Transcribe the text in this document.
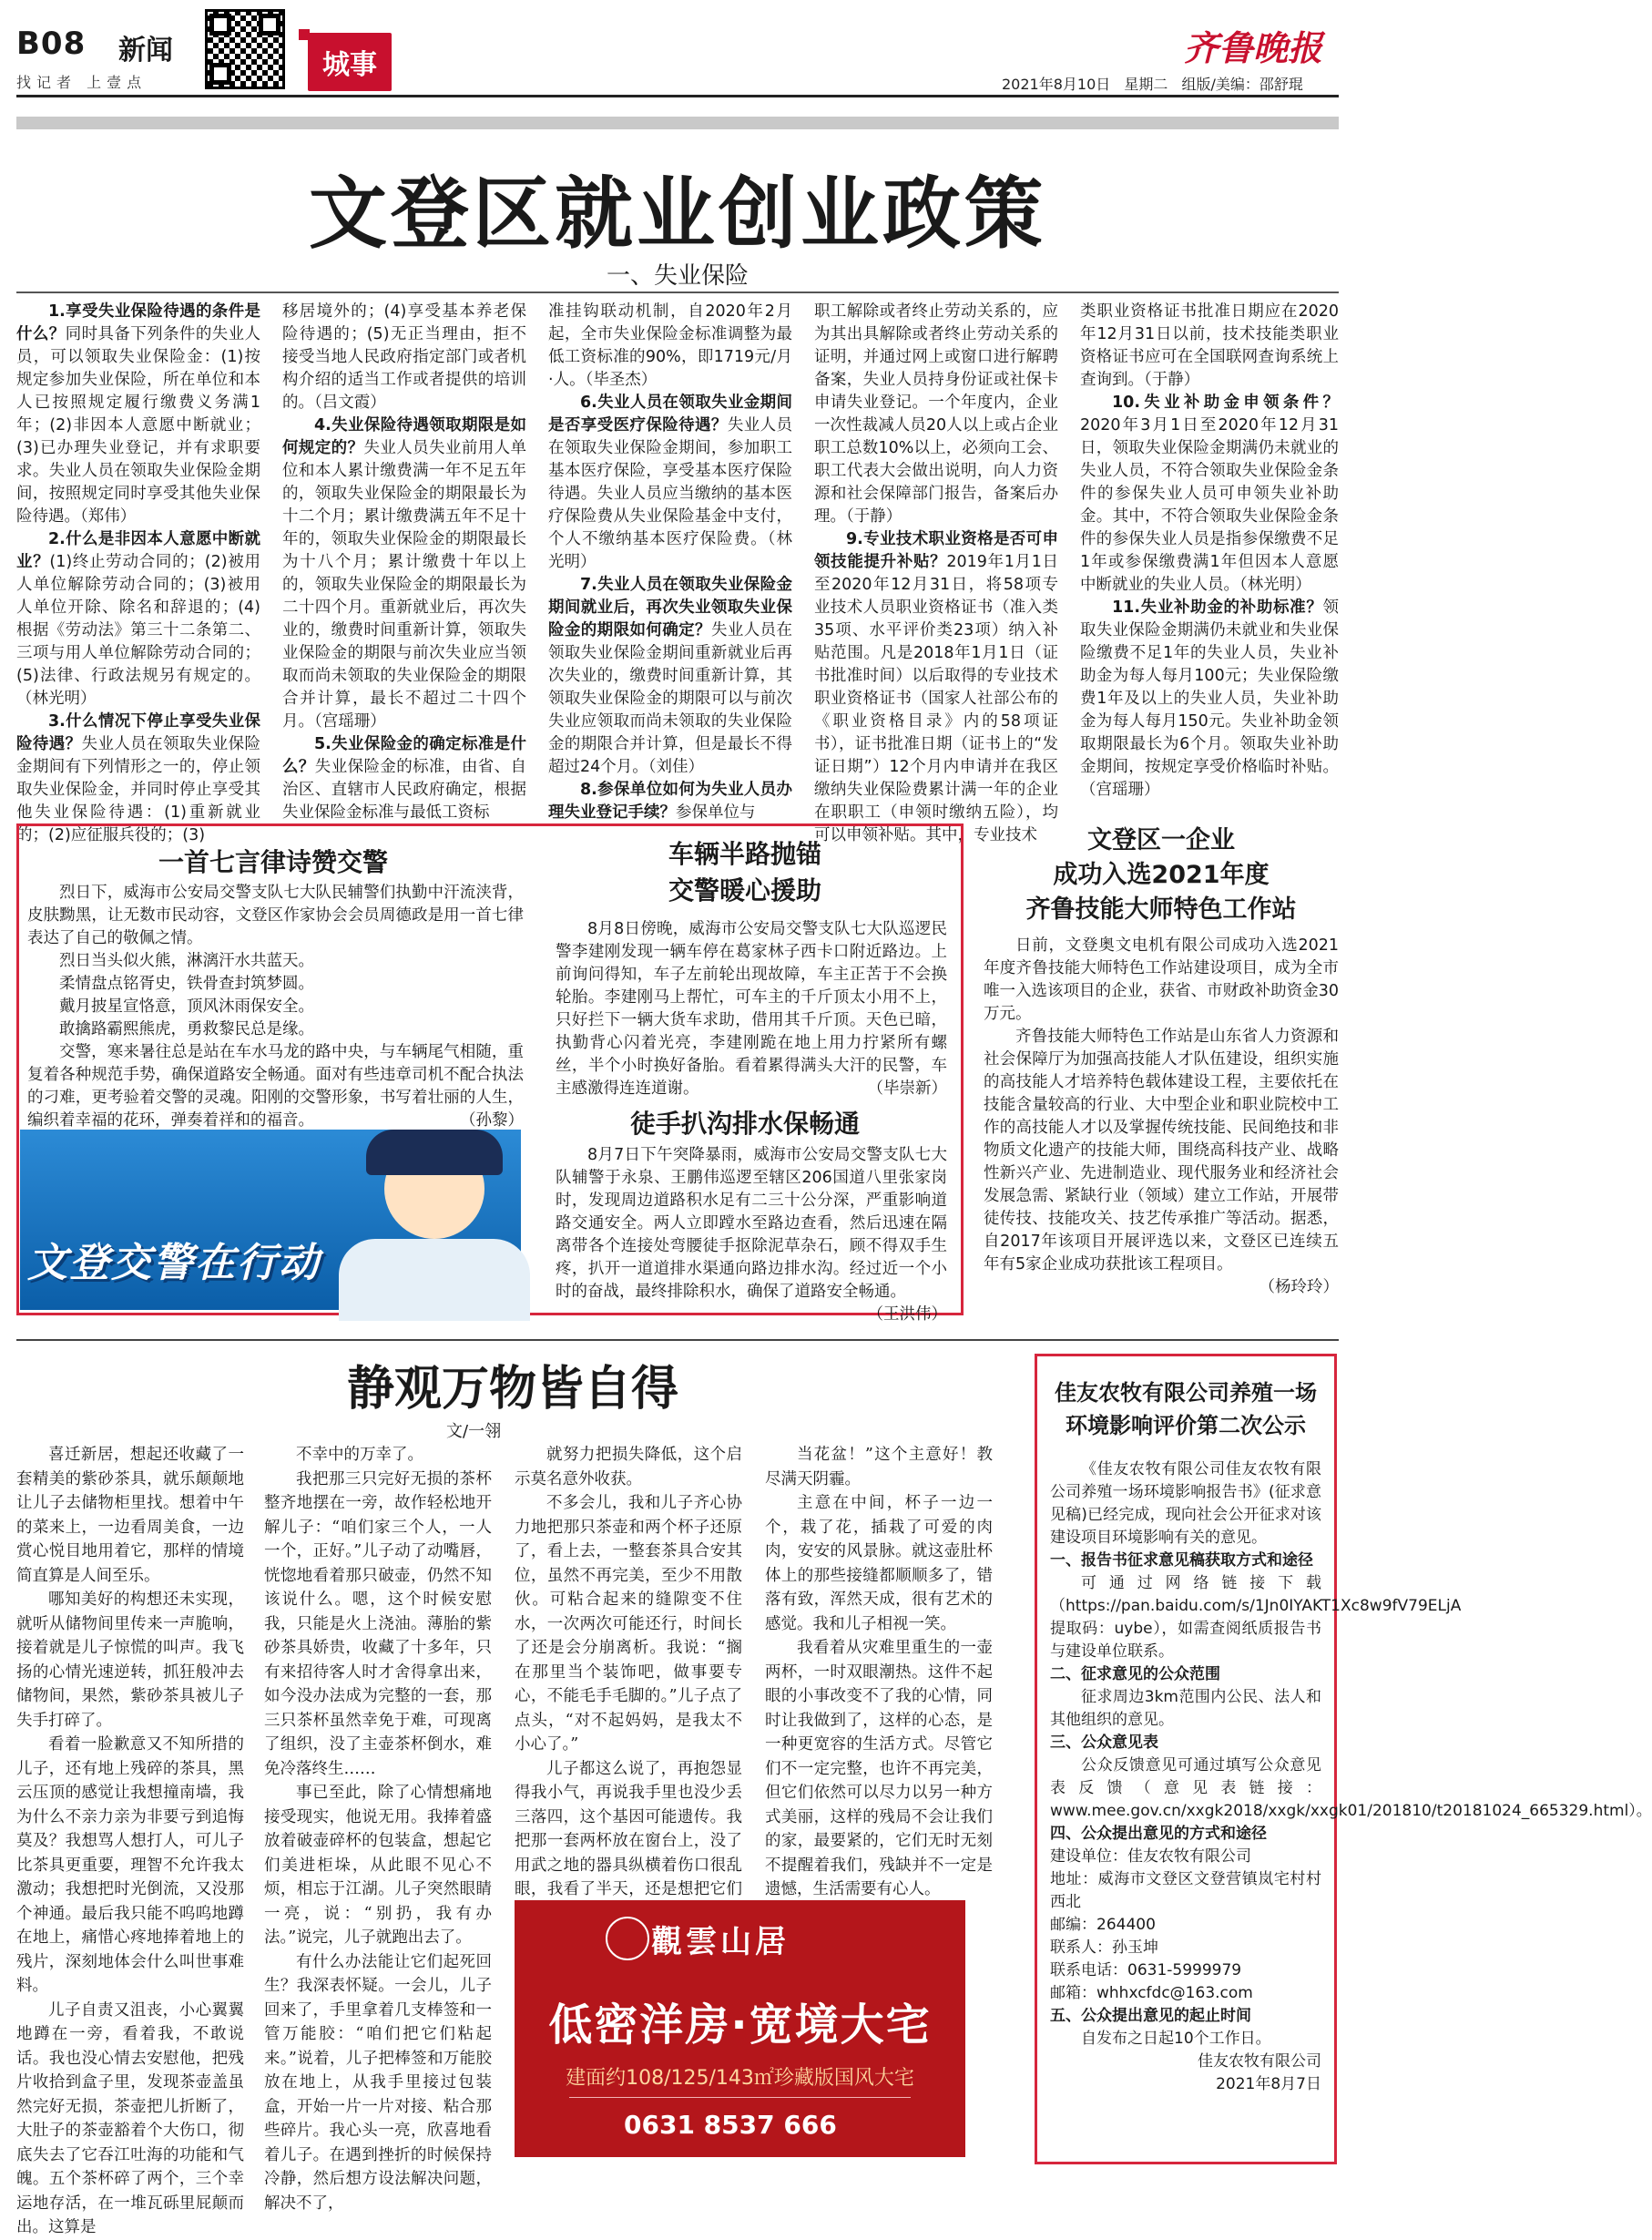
B08 新闻
找记者 上壹点
城事	齐鲁晚报
2021年8月10日 星期二 组版/美编：邵舒琨
文登区就业创业政策
一、失业保险
1.享受失业保险待遇的条件是什么？同时具备下列条件的失业人员，可以领取失业保险金：(1)按规定参加失业保险，所在单位和本人已按照规定履行缴费义务满1年；(2)非因本人意愿中断就业；(3)已办理失业登记，并有求职要求。失业人员在领取失业保险金期间，按照规定同时享受其他失业保险待遇。（郑伟）
2.什么是非因本人意愿中断就业？(1)终止劳动合同的；(2)被用人单位解除劳动合同的；(3)被用人单位开除、除名和辞退的；(4)根据《劳动法》第三十二条第二、三项与用人单位解除劳动合同的；(5)法律、行政法规另有规定的。（林光明）
3.什么情况下停止享受失业保险待遇？失业人员在领取失业保险金期间有下列情形之一的，停止领取失业保险金，并同时停止享受其他失业保险待遇：(1)重新就业的；(2)应征服兵役的；(3)
移居境外的；(4)享受基本养老保险待遇的；(5)无正当理由，拒不接受当地人民政府指定部门或者机构介绍的适当工作或者提供的培训的。（吕文霞）
4.失业保险待遇领取期限是如何规定的？失业人员失业前用人单位和本人累计缴费满一年不足五年的，领取失业保险金的期限最长为十二个月；累计缴费满五年不足十年的，领取失业保险金的期限最长为十八个月；累计缴费十年以上的，领取失业保险金的期限最长为二十四个月。重新就业后，再次失业的，缴费时间重新计算，领取失业保险金的期限与前次失业应当领取而尚未领取的失业保险金的期限合并计算，最长不超过二十四个月。（宫瑶珊）
5.失业保险金的确定标准是什么？失业保险金的标准，由省、自治区、直辖市人民政府确定，根据失业保险金标准与最低工资标
准挂钩联动机制，自2020年2月起，全市失业保险金标准调整为最低工资标准的90%，即1719元/月·人。（毕圣杰）
6.失业人员在领取失业金期间是否享受医疗保险待遇？失业人员在领取失业保险金期间，参加职工基本医疗保险，享受基本医疗保险待遇。失业人员应当缴纳的基本医疗保险费从失业保险基金中支付，个人不缴纳基本医疗保险费。（林光明）
7.失业人员在领取失业保险金期间就业后，再次失业领取失业保险金的期限如何确定？失业人员在领取失业保险金期间重新就业后再次失业的，缴费时间重新计算，其领取失业保险金的期限可以与前次失业应领取而尚未领取的失业保险金的期限合并计算，但是最长不得超过24个月。（刘佳）
8.参保单位如何为失业人员办理失业登记手续？参保单位与
职工解除或者终止劳动关系的，应为其出具解除或者终止劳动关系的证明，并通过网上或窗口进行解聘备案，失业人员持身份证或社保卡申请失业登记。一个年度内，企业一次性裁减人员20人以上或占企业职工总数10%以上，必须向工会、职工代表大会做出说明，向人力资源和社会保障部门报告，备案后办理。（于静）
9.专业技术职业资格是否可申领技能提升补贴？2019年1月1日至2020年12月31日，将58项专业技术人员职业资格证书（准入类35项、水平评价类23项）纳入补贴范围。凡是2018年1月1日（证书批准时间）以后取得的专业技术职业资格证书（国家人社部公布的《职业资格目录》内的58项证书），证书批准日期（证书上的“发证日期”）12个月内申请并在我区缴纳失业保险费累计满一年的企业在职职工（申领时缴纳五险），均可以申领补贴。其中，专业技术
类职业资格证书批准日期应在2020年12月31日以前，技术技能类职业资格证书应可在全国联网查询系统上查询到。（于静）
10.失业补助金申领条件？2020年3月1日至2020年12月31日，领取失业保险金期满仍未就业的失业人员，不符合领取失业保险金条件的参保失业人员可申领失业补助金。其中，不符合领取失业保险金条件的参保失业人员是指参保缴费不足1年或参保缴费满1年但因本人意愿中断就业的失业人员。（林光明）
11.失业补助金的补助标准？领取失业保险金期满仍未就业和失业保险缴费不足1年的失业人员，失业补助金为每人每月100元；失业保险缴费1年及以上的失业人员，失业补助金为每人每月150元。失业补助金领取期限最长为6个月。领取失业补助金期间，按规定享受价格临时补贴。（宫瑶珊）
一首七言律诗赞交警
烈日下，威海市公安局交警支队七大队民辅警们执勤中汗流浃背，皮肤黝黑，让无数市民动容，文登区作家协会会员周德政是用一首七律表达了自己的敬佩之情。
烈日当头似火熊，淋漓汗水共蓝天。
柔情盘点铭胥史，铁骨查封筑梦圆。
戴月披星宣恪意，顶风沐雨保安全。
敢擒路霸熙熊虎，勇救黎民总是缘。
交警，寒来暑往总是站在车水马龙的路中央，与车辆尾气相随，重复着各种规范手势，确保道路安全畅通。面对有些违章司机不配合执法的刁难，更考验着交警的灵魂。阳刚的交警形象，书写着壮丽的人生，编织着幸福的花环，弹奏着祥和的福音。	（孙黎）
文登交警在行动
车辆半路抛锚
交警暖心援助
8月8日傍晚，威海市公安局交警支队七大队巡逻民警李建刚发现一辆车停在葛家林子西卡口附近路边。上前询问得知，车子左前轮出现故障，车主正苦于不会换轮胎。李建刚马上帮忙，可车主的千斤顶太小用不上，只好拦下一辆大货车求助，借用其千斤顶。天色已暗，执勤背心闪着光亮，李建刚跪在地上用力拧紧所有螺丝，半个小时换好备胎。看着累得满头大汗的民警，车主感激得连连道谢。	（毕崇新）
徒手扒沟排水保畅通
8月7日下午突降暴雨，威海市公安局交警支队七大队辅警于永泉、王鹏伟巡逻至辖区206国道八里张家岗时，发现周边道路积水足有二三十公分深，严重影响道路交通安全。两人立即蹚水至路边查看，然后迅速在隔离带各个连接处弯腰徒手抠除泥草杂石，顾不得双手生疼，扒开一道道排水渠通向路边排水沟。经过近一个小时的奋战，最终排除积水，确保了道路安全畅通。
（王洪伟）
文登区一企业
成功入选2021年度
齐鲁技能大师特色工作站
日前，文登奥文电机有限公司成功入选2021年度齐鲁技能大师特色工作站建设项目，成为全市唯一入选该项目的企业，获省、市财政补助资金30万元。
齐鲁技能大师特色工作站是山东省人力资源和社会保障厅为加强高技能人才队伍建设，组织实施的高技能人才培养特色载体建设工程，主要依托在技能含量较高的行业、大中型企业和职业院校中工作的高技能人才以及掌握传统技能、民间绝技和非物质文化遗产的技能大师，围绕高科技产业、战略性新兴产业、先进制造业、现代服务业和经济社会发展急需、紧缺行业（领域）建立工作站，开展带徒传技、技能攻关、技艺传承推广等活动。据悉，自2017年该项目开展评选以来，文登区已连续五年有5家企业成功获批该工程项目。
（杨玲玲）
静观万物皆自得
文/一翎
喜迁新居，想起还收藏了一套精美的紫砂茶具，就乐颠颠地让儿子去储物柜里找。想着中午的菜来上，一边看周美食，一边赏心悦目地用着它，那样的情境简直算是人间至乐。
哪知美好的构想还未实现，就听从储物间里传来一声脆响，接着就是儿子惊慌的叫声。我飞扬的心情光速逆转，抓狂般冲去储物间，果然，紫砂茶具被儿子失手打碎了。
看着一脸歉意又不知所措的儿子，还有地上残碎的茶具，黑云压顶的感觉让我想撞南墙，我为什么不亲力亲为非要亏到追悔莫及？我想骂人想打人，可儿子比茶具更重要，理智不允许我太激动；我想把时光倒流，又没那个神通。最后我只能不呜呜地蹲在地上，痛惜心疼地捧着地上的残片，深刻地体会什么叫世事难料。
儿子自责又沮丧，小心翼翼地蹲在一旁，看着我，不敢说话。我也没心情去安慰他，把残片收拾到盒子里，发现茶壶盖虽然完好无损，茶壶把儿折断了，大肚子的茶壶豁着个大伤口，彻底失去了它吞江吐海的功能和气魄。五个茶杯碎了两个，三个幸运地存活，在一堆瓦砾里屁颠而出。这算是
不幸中的万幸了。
我把那三只完好无损的茶杯整齐地摆在一旁，故作轻松地开解儿子：“咱们家三个人，一人一个，正好。”儿子动了动嘴唇，恍惚地看着那只破壶，仍然不知该说什么。嗯，这个时候安慰我，只能是火上浇油。薄胎的紫砂茶具娇贵，收藏了十多年，只有来招待客人时才舍得拿出来，如今没办法成为完整的一套，那三只茶杯虽然幸免于难，可现离了组织，没了主壶茶杯倒水，难免冷落终生……
事已至此，除了心情想痛地接受现实，他说无用。我捧着盛放着破壶碎杯的包装盒，想起它们美进柜垛，从此眼不见心不烦，相忘于江湖。儿子突然眼睛一亮，说：“别扔，我有办法。”说完，儿子就跑出去了。
有什么办法能让它们起死回生？我深表怀疑。一会儿，儿子回来了，手里拿着几支棒签和一管万能胶：“咱们把它们粘起来。”说着，儿子把棒签和万能胶放在地上，从我手里接过包装盒，开始一片一片对接、粘合那些碎片。我心头一亮，欣喜地看着儿子。在遇到挫折的时候保持冷静，然后想方设法解决问题，解决不了，
就努力把损失降低，这个启示莫名意外收获。
不多会儿，我和儿子齐心协力地把那只茶壶和两个杯子还原了，看上去，一整套茶具合安其位，虽然不再完美，至少不用散伙。可粘合起来的缝隙变不住水，一次两次可能还行，时间长了还是会分崩离析。我说：“搁在那里当个装饰吧，做事要专心，不能毛手毛脚的。”儿子点了点头，“对不起妈妈，是我太不小心了。”
儿子都这么说了，再抱怨显得我小气，再说我手里也没少丢三落四，这个基因可能遗传。我把那一套两杯放在窗台上，没了用武之地的器具纵横着伤口很乱眼，我看了半天，还是想把它们
当花盆！”这个主意好！教尽满天阴霾。
主意在中间，杯子一边一个，栽了花，插栽了可爱的肉肉，安安的风景脉。就这壶肚杯体上的那些接缝都顺顺多了，错落有致，浑然天成，很有艺术的感觉。我和儿子相视一笑。
我看着从灾难里重生的一壶两杯，一时双眼潮热。这件不起眼的小事改变不了我的心情，同时让我做到了，这样的心态，是一种更宽容的生活方式。尽管它们不一定完整，也许不再完美，但它们依然可以尽力以另一种方式美丽，这样的残局不会让我们的家，最要紧的，它们无时无刻不提醒着我们，残缺并不一定是遗憾，生活需要有心人。
觀雲山居
低密洋房·宽境大宅
建面约108/125/143㎡珍藏版国风大宅
0631 8537 666
佳友农牧有限公司养殖一场环境影响评价第二次公示
《佳友农牧有限公司佳友农牧有限公司养殖一场环境影响报告书》(征求意见稿)已经完成，现向社会公开征求对该建设项目环境影响有关的意见。
一、报告书征求意见稿获取方式和途径
可通过网络链接下载（https://pan.baidu.com/s/1Jn0IYAKT1Xc8w9fV79ELjA提取码：uybe），如需查阅纸质报告书与建设单位联系。
二、征求意见的公众范围
征求周边3km范围内公民、法人和其他组织的意见。
三、公众意见表
公众反馈意见可通过填写公众意见表反馈（意见表链接：www.mee.gov.cn/xxgk2018/xxgk/xxgk01/201810/t20181024_665329.html）。
四、公众提出意见的方式和途径
建设单位：佳友农牧有限公司
地址：威海市文登区文登营镇岚宅村村西北
邮编：264400
联系人：孙玉坤
联系电话：0631-5999979
邮箱：whhxcfdc@163.com
五、公众提出意见的起止时间
自发布之日起10个工作日。
佳友农牧有限公司
2021年8月7日
